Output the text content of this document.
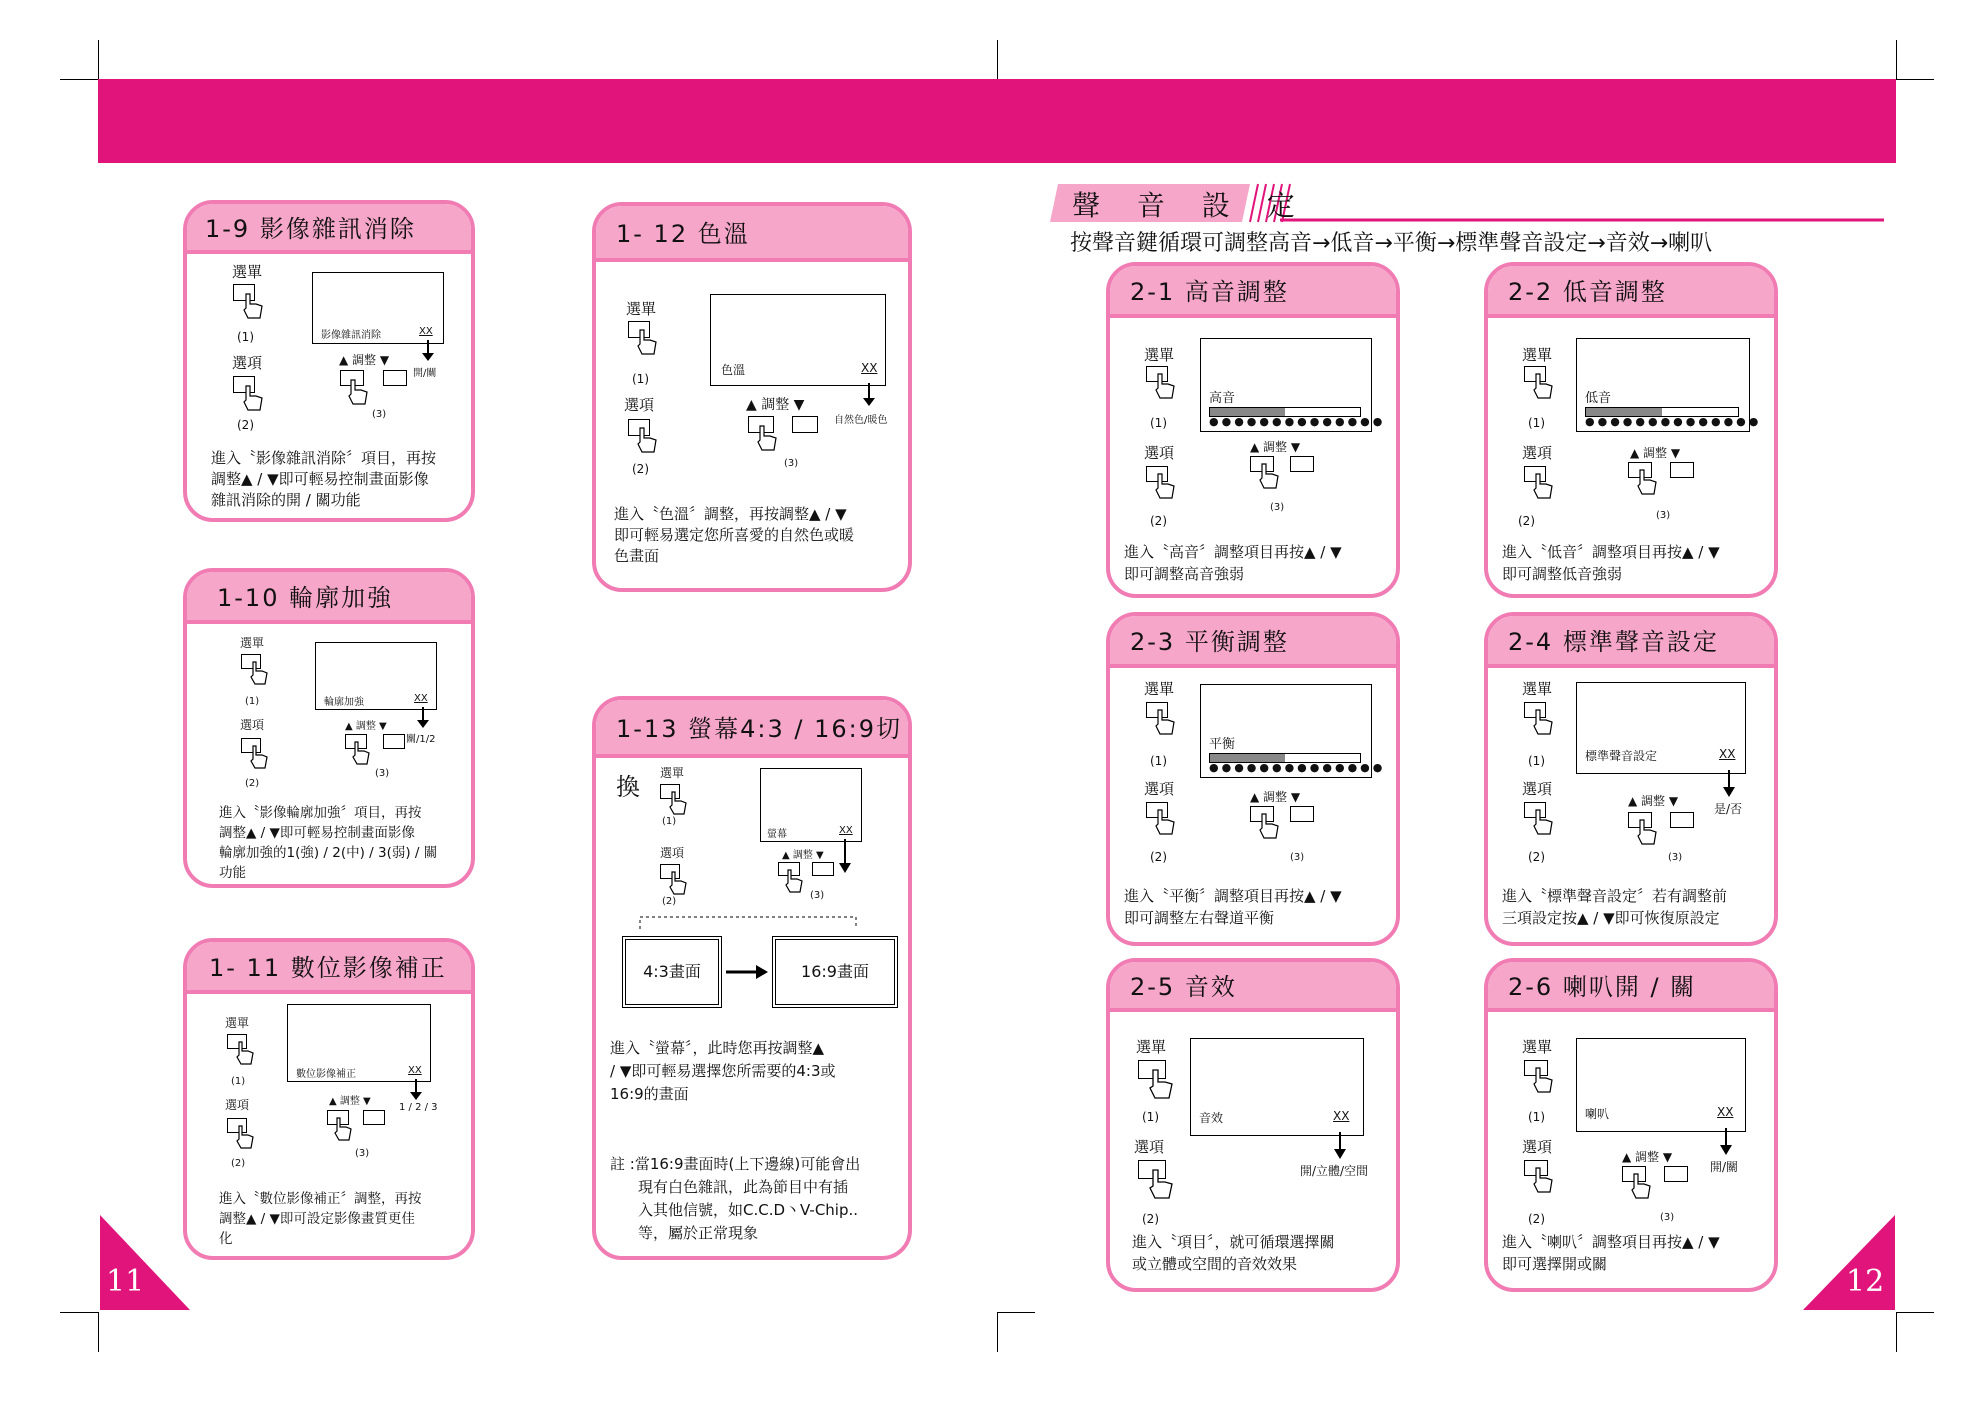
11	12
1-9 影像雜訊消除
選單
(1)
選項
(2)
影像雜訊消除	XX
開/關
▲ 調整 ▼
(3)
進入〝影像雜訊消除〞項目，再按
調整▲ / ▼即可輕易控制畫面影像
雜訊消除的開 / 關功能
1-10 輪廓加強
選單
(1)
選項
(2)
輪廓加強	XX
關/1/2
▲ 調整 ▼
(3)
進入〝影像輪廓加強〞項目，再按
調整▲ / ▼即可輕易控制畫面影像
輪廓加強的1(強) / 2(中) / 3(弱) / 關
功能
1- 11 數位影像補正
選單
(1)
選項
(2)
數位影像補正	XX
1 / 2 / 3
▲ 調整 ▼
(3)
進入〝數位影像補正〞調整，再按
調整▲ / ▼即可設定影像畫質更佳
化
1- 12 色溫
選單
(1)
選項
(2)
色溫	XX
自然色/暖色
▲ 調整 ▼
(3)
進入〝色溫〞調整，再按調整▲ / ▼
即可輕易選定您所喜愛的自然色或暖
色畫面
1-13 螢幕4:3 / 16:9切換	選單
(1)
選項
(2)
螢幕	XX
▲ 調整 ▼
(3)
4:3畫面	16:9畫面
進入〝螢幕〞，此時您再按調整▲
/ ▼即可輕易選擇您所需要的4:3或
16:9的畫面
註 :當16:9畫面時(上下邊線)可能會出
現有白色雜訊，此為節目中有插
入其他信號，如C.C.D丶V-Chip..
等，屬於正常現象
聲 音 設 定
按聲音鍵循環可調整高音→低音→平衡→標準聲音設定→音效→喇叭
2-1 高音調整
選單
(1)
選項
(2)
高音
●●●●●●●●●●●●●●
▲ 調整 ▼
(3)
進入〝高音〞調整項目再按▲ / ▼
即可調整高音強弱
2-2 低音調整
選單
(1)
選項
(2)
低音
●●●●●●●●●●●●●●
▲ 調整 ▼
(3)
進入〝低音〞調整項目再按▲ / ▼
即可調整低音強弱
2-3 平衡調整
選單
(1)
選項
(2)
平衡
●●●●●●●●●●●●●●
▲ 調整 ▼
(3)
進入〝平衡〞調整項目再按▲ / ▼
即可調整左右聲道平衡
2-4 標準聲音設定
選單
(1)
選項
(2)
標準聲音設定	XX
是/否
▲ 調整 ▼
(3)
進入〝標準聲音設定〞若有調整前
三項設定按▲ / ▼即可恢復原設定
2-5 音效
選單
(1)
選項
(2)
音效	XX
開/立體/空間
進入〝項目〞，就可循環選擇關
或立體或空間的音效效果
2-6 喇叭開 / 關
選單
(1)
選項
(2)
喇叭	XX
開/關
▲ 調整 ▼
(3)
進入〝喇叭〞調整項目再按▲ / ▼
即可選擇開或關
